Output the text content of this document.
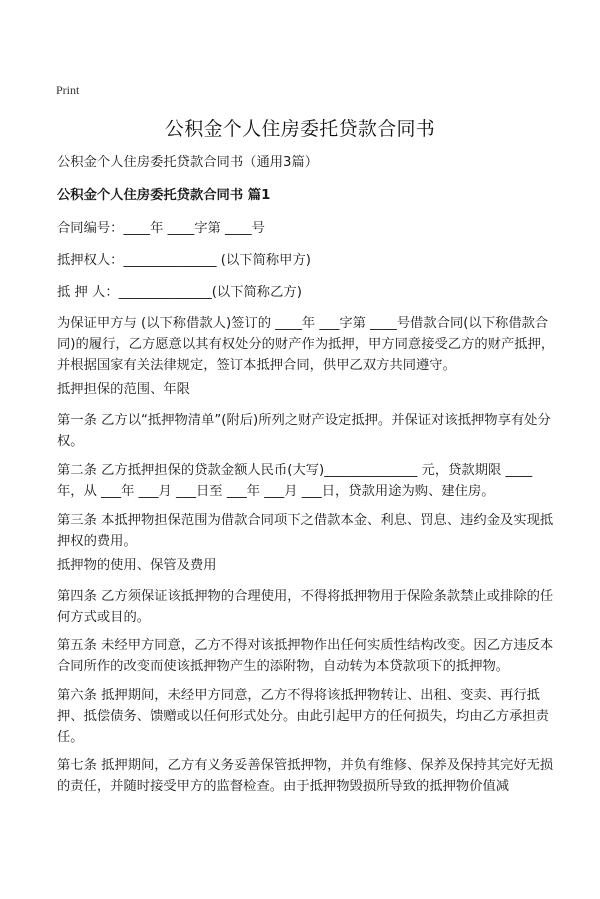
Print
公积金个人住房委托贷款合同书

公积金个人住房委托贷款合同书（通用3篇）

公积金个人住房委托贷款合同书 篇1

合同编号：____年 ____字第 ____号

抵押权人：______________ (以下简称甲方)

抵 押 人：______________(以下简称乙方)

为保证甲方与 (以下称借款人)签订的 ____年 ___字第 ____号借款合同(以下称借款合同)的履行，乙方愿意以其有权处分的财产作为抵押，甲方同意接受乙方的财产抵押，并根据国家有关法律规定，签订本抵押合同，供甲乙双方共同遵守。

抵押担保的范围、年限

第一条 乙方以“抵押物清单”(附后)所列之财产设定抵押。并保证对该抵押物享有处分权。

第二条 乙方抵押担保的贷款金额人民币(大写)______________ 元，贷款期限 ____年，从 ___年 ___月 ___日至 ___年 ___月 ___日，贷款用途为购、建住房。

第三条 本抵押物担保范围为借款合同项下之借款本金、利息、罚息、违约金及实现抵押权的费用。

抵押物的使用、保管及费用

第四条 乙方须保证该抵押物的合理使用，不得将抵押物用于保险条款禁止或排除的任何方式或目的。

第五条 未经甲方同意，乙方不得对该抵押物作出任何实质性结构改变。因乙方违反本合同所作的改变而使该抵押物产生的添附物，自动转为本贷款项下的抵押物。

第六条 抵押期间，未经甲方同意，乙方不得将该抵押物转让、出租、变卖、再行抵押、抵偿债务、馈赠或以任何形式处分。由此引起甲方的任何损失，均由乙方承担责任。

第七条 抵押期间，乙方有义务妥善保管抵押物，并负有维修、保养及保持其完好无损的责任，并随时接受甲方的监督检查。由于抵押物毁损所导致的抵押物价值减
